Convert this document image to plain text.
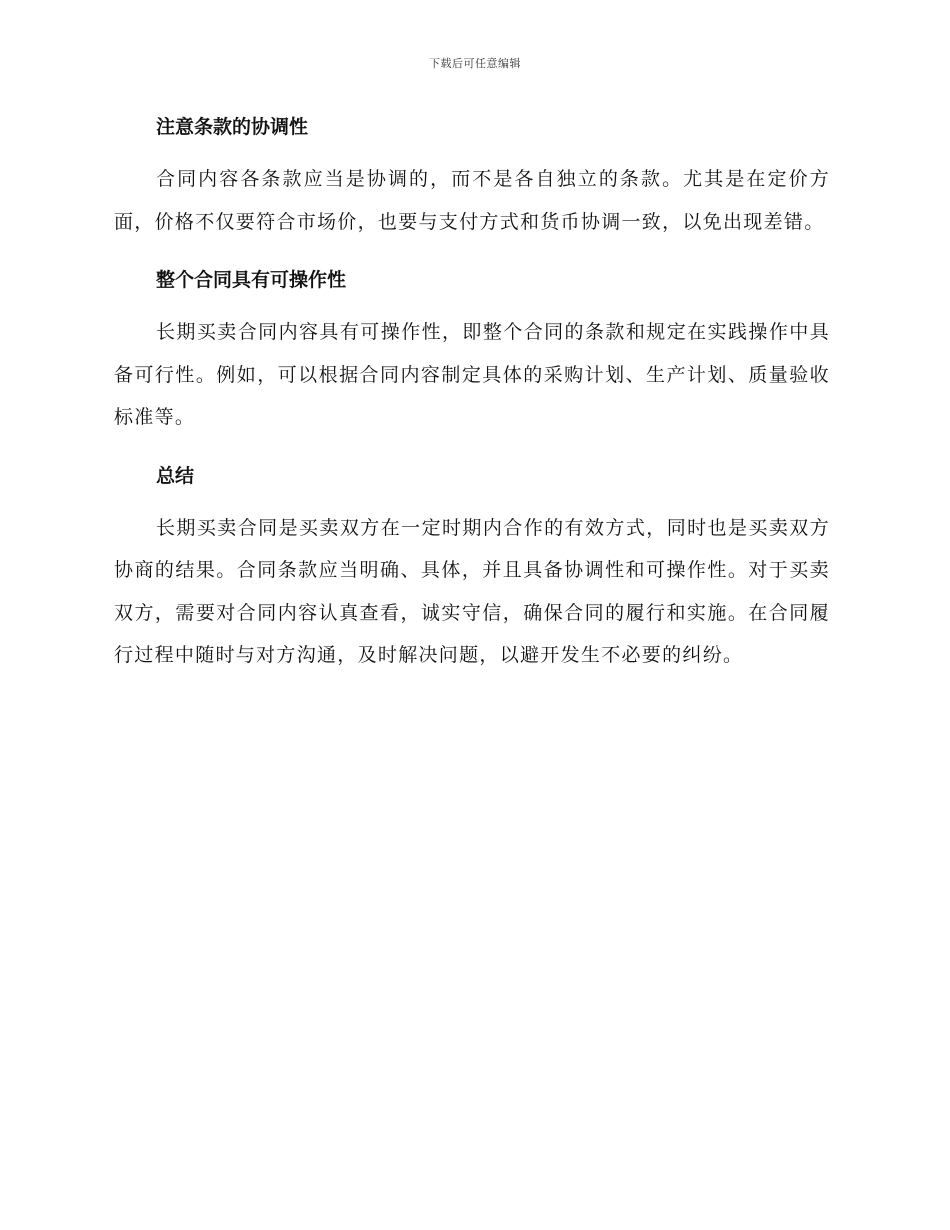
下载后可任意编辑
注意条款的协调性

合同内容各条款应当是协调的，而不是各自独立的条款。尤其是在定价方面，价格不仅要符合市场价，也要与支付方式和货币协调一致，以免出现差错。

整个合同具有可操作性

长期买卖合同内容具有可操作性，即整个合同的条款和规定在实践操作中具备可行性。例如，可以根据合同内容制定具体的采购计划、生产计划、质量验收标准等。

总结

长期买卖合同是买卖双方在一定时期内合作的有效方式，同时也是买卖双方协商的结果。合同条款应当明确、具体，并且具备协调性和可操作性。对于买卖双方，需要对合同内容认真查看，诚实守信，确保合同的履行和实施。在合同履行过程中随时与对方沟通，及时解决问题，以避开发生不必要的纠纷。
